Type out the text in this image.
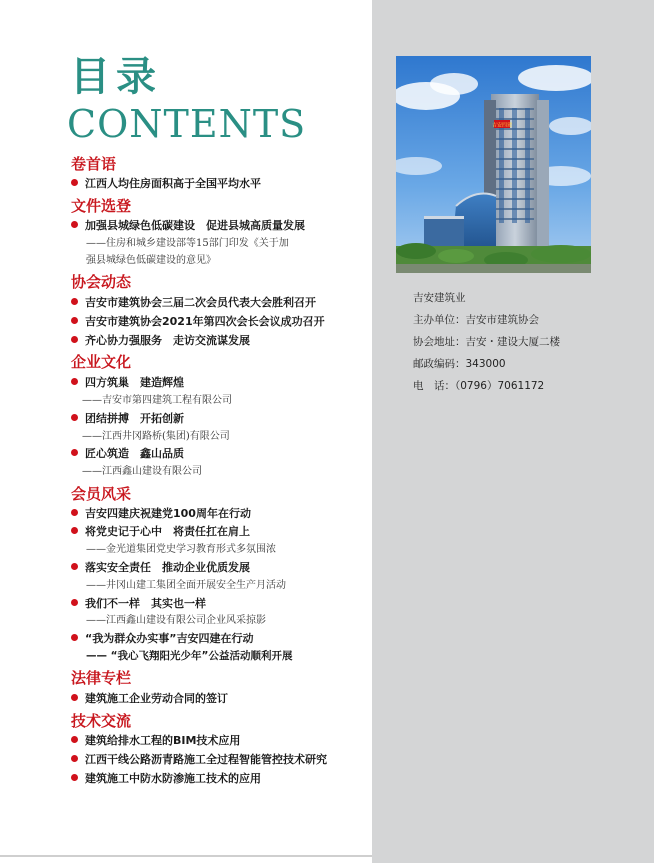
目录
CONTENTS
卷首语
江西人均住房面积高于全国平均水平
文件选登
加强县城绿色低碳建设　促进县城高质量发展
——住房和城乡建设部等15部门印发《关于加
强县城绿色低碳建设的意见》
协会动态
吉安市建筑协会三届二次会员代表大会胜利召开
吉安市建筑协会2021年第四次会长会议成功召开
齐心协力强服务　走访交流谋发展
企业文化
四方筑巢　建造辉煌
——吉安市第四建筑工程有限公司
团结拼搏　开拓创新
——江西井冈路桥(集团)有限公司
匠心筑造　鑫山品质
——江西鑫山建设有限公司
会员风采
吉安四建庆祝建党100周年在行动
将党史记于心中　将责任扛在肩上
——金光道集团党史学习教育形式多氛围浓
落实安全责任　推动企业优质发展
——井冈山建工集团全面开展安全生产月活动
我们不一样　其实也一样
——江西鑫山建设有限公司企业风采掠影
“我为群众办实事”吉安四建在行动
—— “我心飞翔阳光少年”公益活动顺利开展
法律专栏
建筑施工企业劳动合同的签订
技术交流
建筑给排水工程的BIM技术应用
江西干线公路沥青路施工全过程智能管控技术研究
建筑施工中防水防渗施工技术的应用
吉安四建
吉安建筑业
主办单位：吉安市建筑协会
协会地址：吉安・建设大厦二楼
邮政编码：343000
电　话：（0796）7061172
